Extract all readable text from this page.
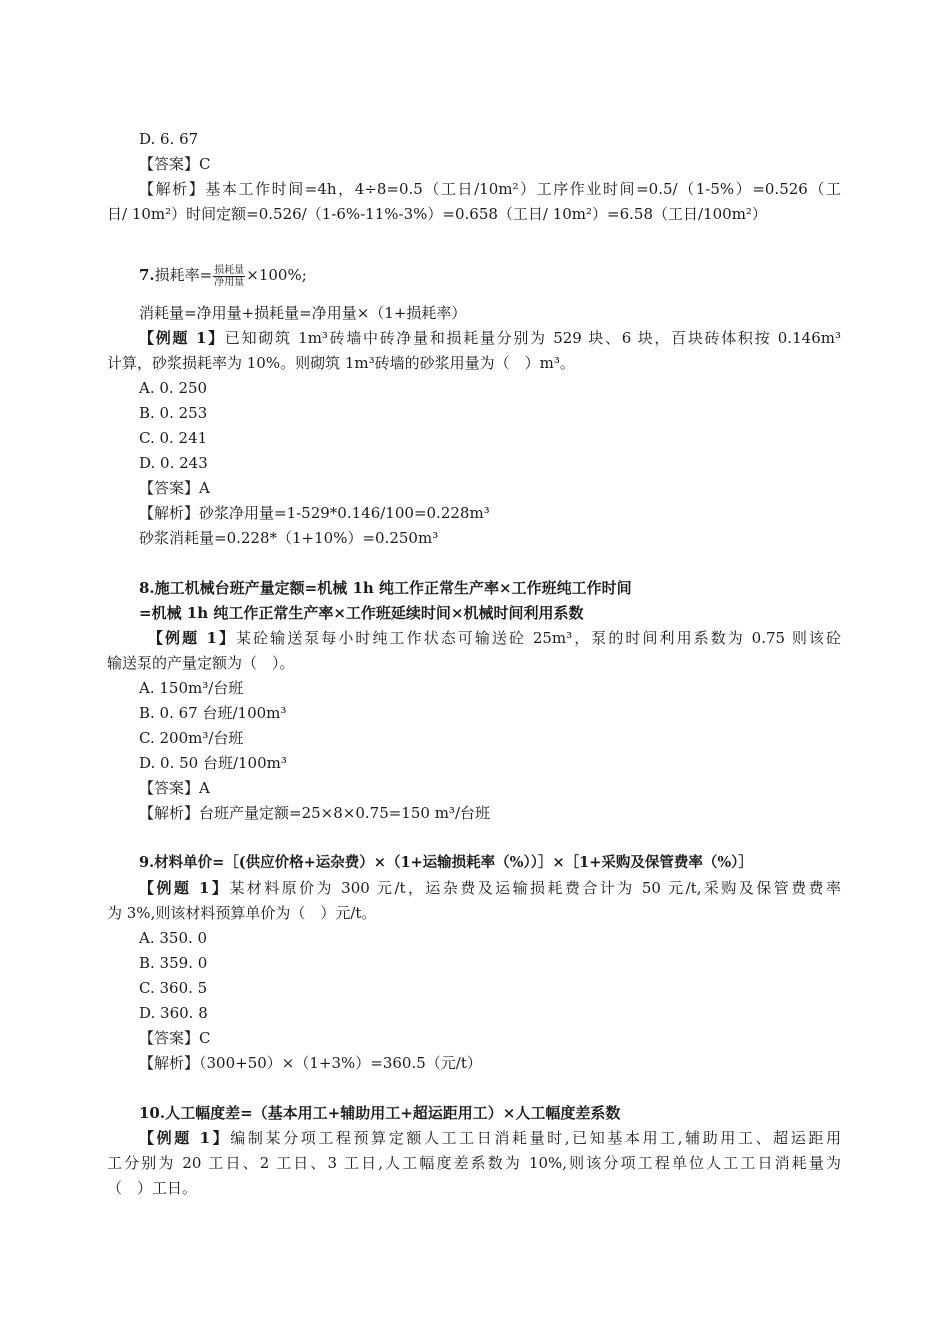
D. 6. 67
【答案】C
【解析】基本工作时间=4h，4÷8=0.5（工日/10m²）工序作业时间=0.5/（1-5%）=0.526（工
日/ 10m²）时间定额=0.526/（1-6%-11%-3%）=0.658（工日/ 10m²）=6.58（工日/100m²）
7.损耗率= $\frac{\text{损耗量}}{\text{净用量}} \times 100\%$;
消耗量=净用量+损耗量=净用量×（1+损耗率）
【例题 1】已知砌筑 1m³砖墙中砖净量和损耗量分别为 529 块、6 块，百块砖体积按 0.146m³
计算，砂浆损耗率为 10%。则砌筑 1m³砖墙的砂浆用量为（　）m³。
A. 0. 250
B. 0. 253
C. 0. 241
D. 0. 243
【答案】A
【解析】砂浆净用量=1-529*0.146/100=0.228m³
砂浆消耗量=0.228*（1+10%）=0.250m³
8.施工机械台班产量定额=机械 1h 纯工作正常生产率×工作班纯工作时间
=机械 1h 纯工作正常生产率×工作班延续时间×机械时间利用系数
【例题 1】某砼输送泵每小时纯工作状态可输送砼 25m³，泵的时间利用系数为 0.75 则该砼
输送泵的产量定额为（　）。
A. 150m³/台班
B. 0. 67 台班/100m³
C. 200m³/台班
D. 0. 50 台班/100m³
【答案】A
【解析】台班产量定额=25×8×0.75=150 m³/台班
9.材料单价=［(供应价格+运杂费）×（1+运输损耗率（%））］×［1+采购及保管费率（%）］
【例题 1】某材料原价为 300 元/t，运杂费及运输损耗费合计为 50 元/t,采购及保管费费率
为 3%,则该材料预算单价为（　）元/t。
A. 350. 0
B. 359. 0
C. 360. 5
D. 360. 8
【答案】C
【解析】（300+50）×（1+3%）=360.5（元/t）
10.人工幅度差=（基本用工+辅助用工+超运距用工）×人工幅度差系数
【例题 1】编制某分项工程预算定额人工工日消耗量时,已知基本用工,辅助用工、超运距用
工分别为 20 工日、2 工日、3 工日,人工幅度差系数为 10%,则该分项工程单位人工工日消耗量为
（　）工日。
